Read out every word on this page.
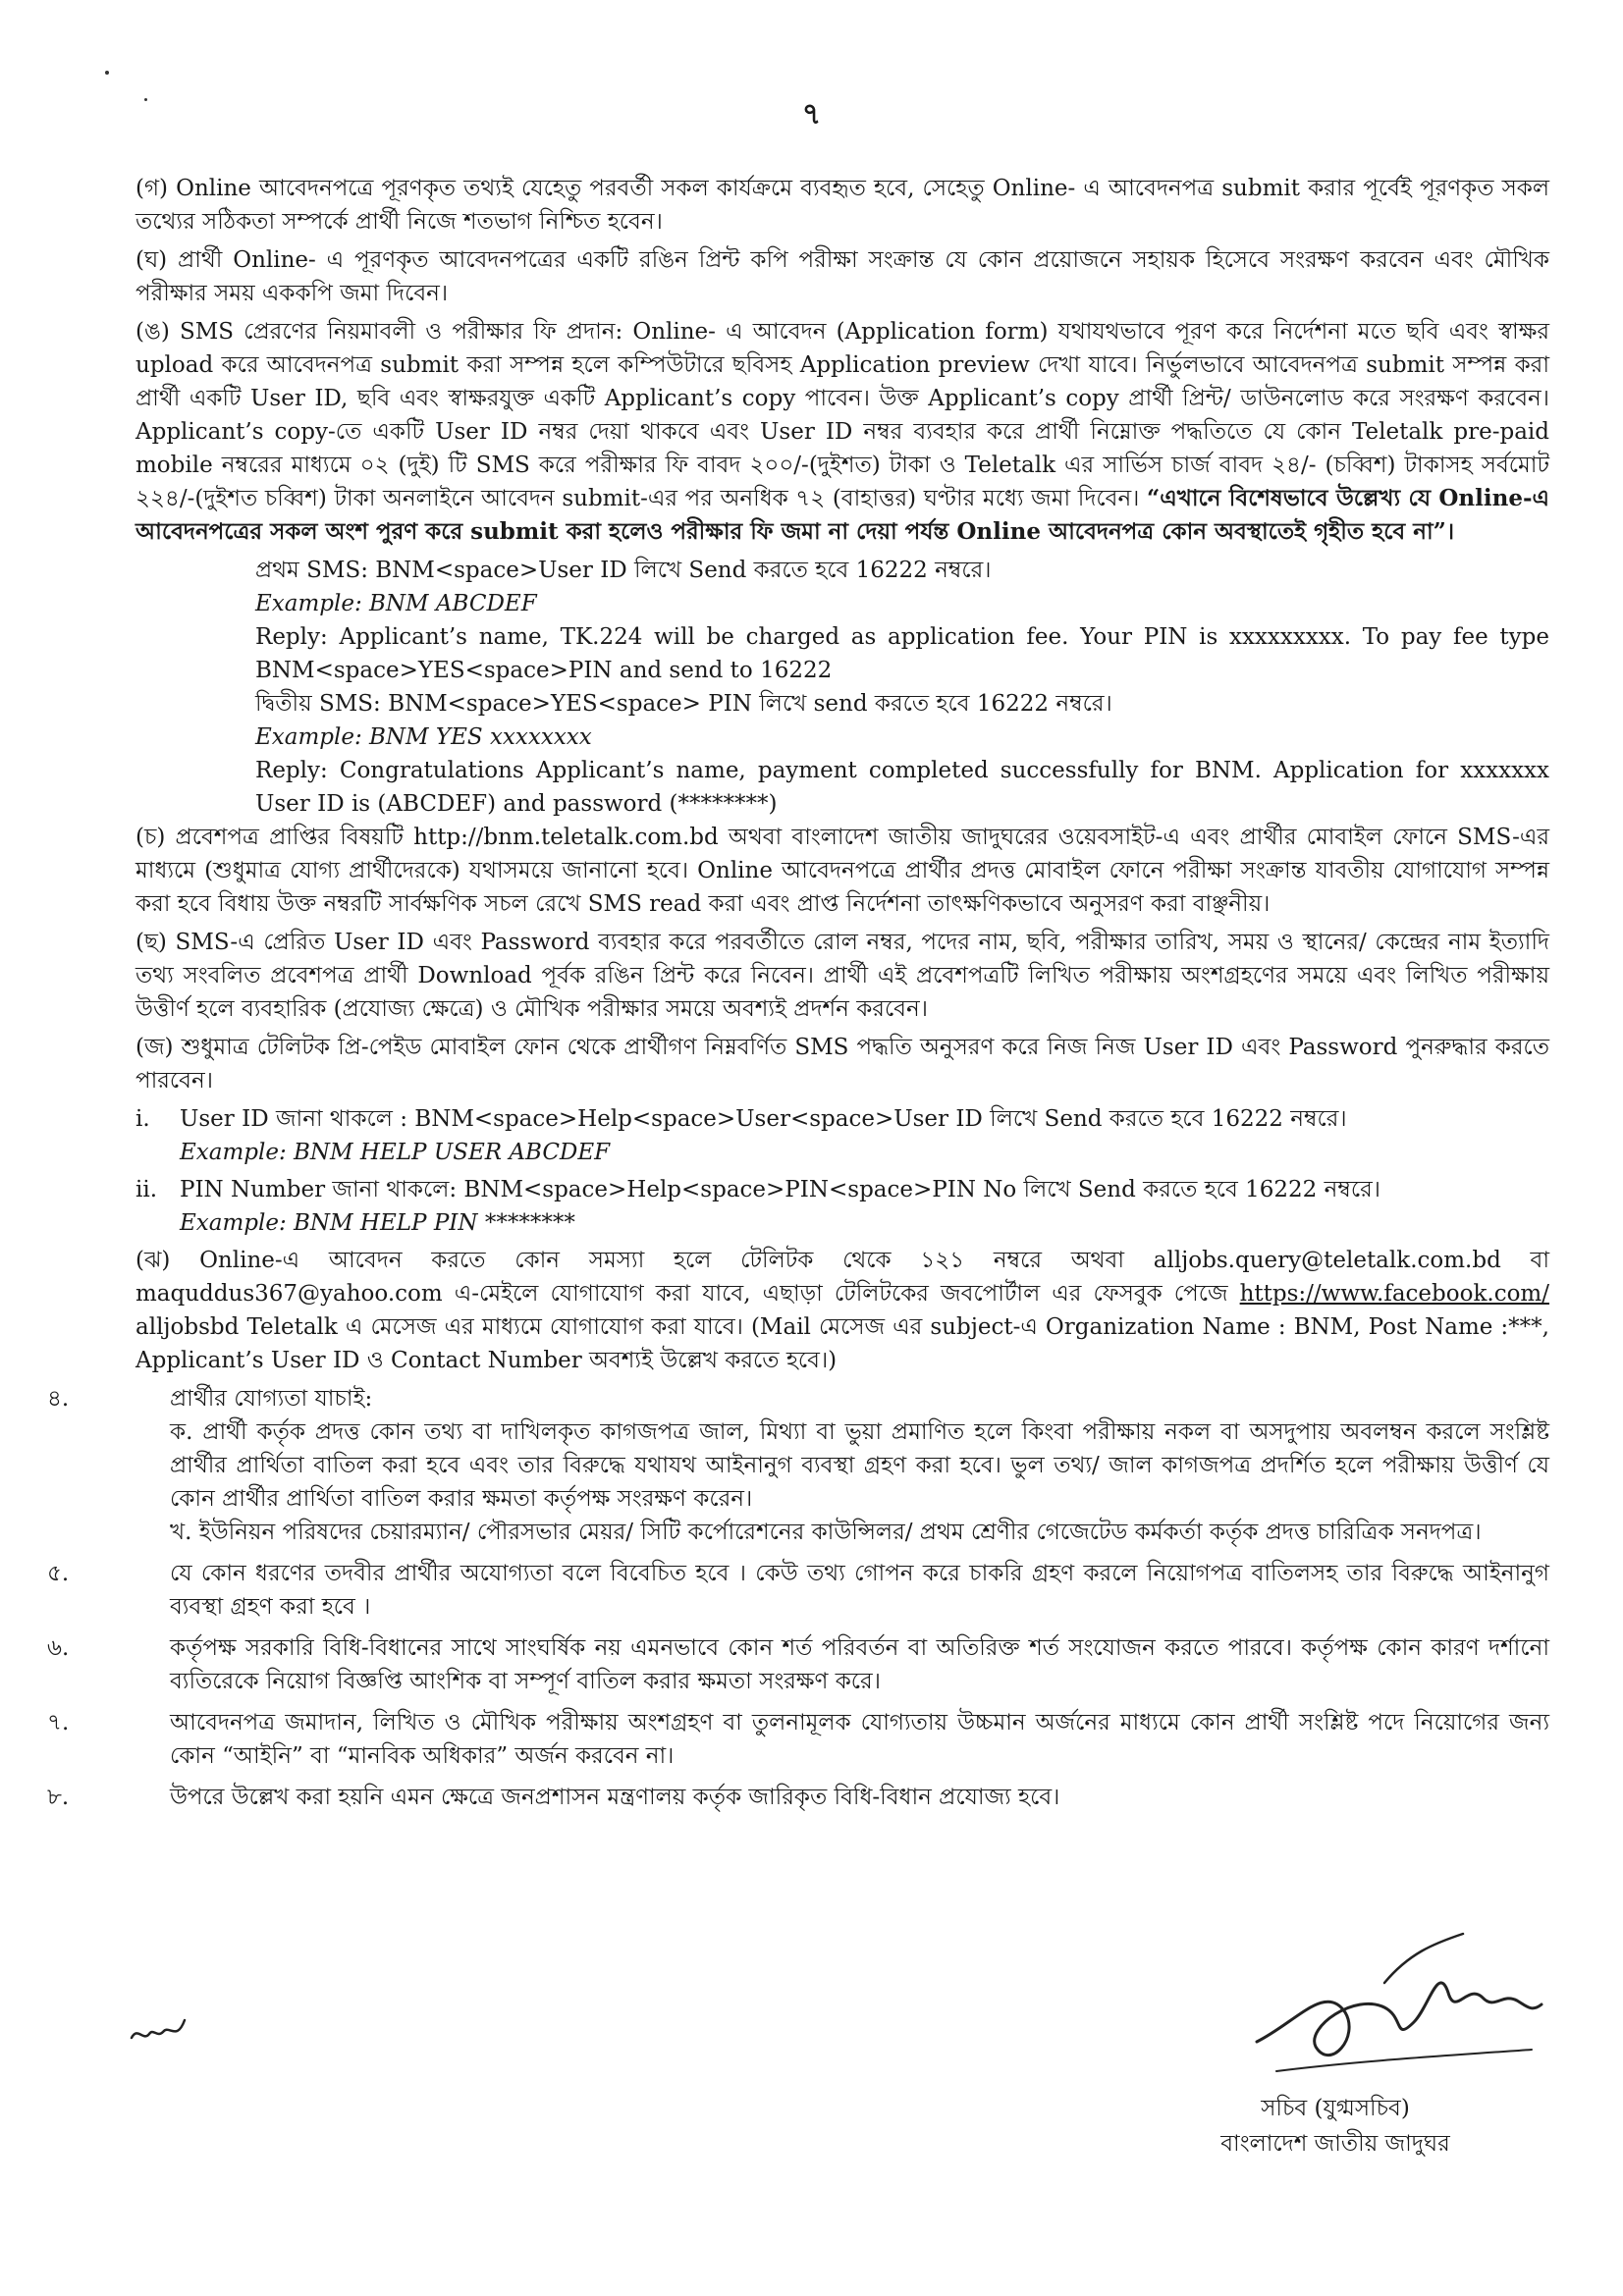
৭

(গ) Online আবেদনপত্রে পূরণকৃত তথ্যই যেহেতু পরবর্তী সকল কার্যক্রমে ব্যবহৃত হবে, সেহেতু Online- এ আবেদনপত্র submit করার পূর্বেই পূরণকৃত সকল তথ্যের সঠিকতা সম্পর্কে প্রার্থী নিজে শতভাগ নিশ্চিত হবেন।

(ঘ) প্রার্থী Online- এ পূরণকৃত আবেদনপত্রের একটি রঙিন প্রিন্ট কপি পরীক্ষা সংক্রান্ত যে কোন প্রয়োজনে সহায়ক হিসেবে সংরক্ষণ করবেন এবং মৌখিক পরীক্ষার সময় এককপি জমা দিবেন।

(ঙ) SMS প্রেরণের নিয়মাবলী ও পরীক্ষার ফি প্রদান: Online- এ আবেদন (Application form) যথাযথভাবে পূরণ করে নির্দেশনা মতে ছবি এবং স্বাক্ষর upload করে আবেদনপত্র submit করা সম্পন্ন হলে কম্পিউটারে ছবিসহ Application preview দেখা যাবে। নির্ভুলভাবে আবেদনপত্র submit সম্পন্ন করা প্রার্থী একটি User ID, ছবি এবং স্বাক্ষরযুক্ত একটি Applicant’s copy পাবেন। উক্ত Applicant’s copy প্রার্থী প্রিন্ট/ ডাউনলোড করে সংরক্ষণ করবেন। Applicant’s copy-তে একটি User ID নম্বর দেয়া থাকবে এবং User ID নম্বর ব্যবহার করে প্রার্থী নিম্নোক্ত পদ্ধতিতে যে কোন Teletalk pre-paid mobile নম্বরের মাধ্যমে ০২ (দুই) টি SMS করে পরীক্ষার ফি বাবদ ২০০/-(দুইশত) টাকা ও Teletalk এর সার্ভিস চার্জ বাবদ ২৪/- (চব্বিশ) টাকাসহ সর্বমোট ২২৪/-(দুইশত চব্বিশ) টাকা অনলাইনে আবেদন submit-এর পর অনধিক ৭২ (বাহাত্তর) ঘণ্টার মধ্যে জমা দিবেন। “এখানে বিশেষভাবে উল্লেখ্য যে Online-এ আবেদনপত্রের সকল অংশ পুরণ করে submit করা হলেও পরীক্ষার ফি জমা না দেয়া পর্যন্ত Online আবেদনপত্র কোন অবস্থাতেই গৃহীত হবে না”।

প্রথম SMS: BNM<space>User ID লিখে Send করতে হবে 16222 নম্বরে।

Example: BNM ABCDEF

Reply: Applicant’s name, TK.224 will be charged as application fee. Your PIN is xxxxxxxxx. To pay fee type BNM<space>YES<space>PIN and send to 16222

দ্বিতীয় SMS: BNM<space>YES<space> PIN লিখে send করতে হবে 16222 নম্বরে।

Example: BNM YES xxxxxxxx

Reply: Congratulations Applicant’s name, payment completed successfully for BNM. Application for xxxxxxx User ID is (ABCDEF) and password (********)

(চ) প্রবেশপত্র প্রাপ্তির বিষয়টি http://bnm.teletalk.com.bd অথবা বাংলাদেশ জাতীয় জাদুঘরের ওয়েবসাইট-এ এবং প্রার্থীর মোবাইল ফোনে SMS-এর মাধ্যমে (শুধুমাত্র যোগ্য প্রার্থীদেরকে) যথাসময়ে জানানো হবে। Online আবেদনপত্রে প্রার্থীর প্রদত্ত মোবাইল ফোনে পরীক্ষা সংক্রান্ত যাবতীয় যোগাযোগ সম্পন্ন করা হবে বিধায় উক্ত নম্বরটি সার্বক্ষণিক সচল রেখে SMS read করা এবং প্রাপ্ত নির্দেশনা তাৎক্ষণিকভাবে অনুসরণ করা বাঞ্ছনীয়।

(ছ) SMS-এ প্রেরিত User ID এবং Password ব্যবহার করে পরবর্তীতে রোল নম্বর, পদের নাম, ছবি, পরীক্ষার তারিখ, সময় ও স্থানের/ কেন্দ্রের নাম ইত্যাদি তথ্য সংবলিত প্রবেশপত্র প্রার্থী Download পূর্বক রঙিন প্রিন্ট করে নিবেন। প্রার্থী এই প্রবেশপত্রটি লিখিত পরীক্ষায় অংশগ্রহণের সময়ে এবং লিখিত পরীক্ষায় উত্তীর্ণ হলে ব্যবহারিক (প্রযোজ্য ক্ষেত্রে) ও মৌখিক পরীক্ষার সময়ে অবশ্যই প্রদর্শন করবেন।

(জ) শুধুমাত্র টেলিটক প্রি-পেইড মোবাইল ফোন থেকে প্রার্থীগণ নিম্নবর্ণিত SMS পদ্ধতি অনুসরণ করে নিজ নিজ User ID এবং Password পুনরুদ্ধার করতে পারবেন।

i.	User ID জানা থাকলে : BNM<space>Help<space>User<space>User ID লিখে Send করতে হবে 16222 নম্বরে।

Example: BNM HELP USER ABCDEF

ii. PIN Number জানা থাকলে: BNM<space>Help<space>PIN<space>PIN No লিখে Send করতে হবে 16222 নম্বরে।

Example: BNM HELP PIN ********

(ঝ) Online-এ আবেদন করতে কোন সমস্যা হলে টেলিটক থেকে ১২১ নম্বরে অথবা alljobs.query@teletalk.com.bd বা maquddus367@yahoo.com এ-মেইলে যোগাযোগ করা যাবে, এছাড়া টেলিটকের জবপোর্টাল এর ফেসবুক পেজে https://www.facebook.com/ alljobsbd Teletalk এ মেসেজ এর মাধ্যমে যোগাযোগ করা যাবে। (Mail মেসেজ এর subject-এ Organization Name : BNM, Post Name :***, Applicant’s User ID ও Contact Number অবশ্যই উল্লেখ করতে হবে।)

৪.	প্রার্থীর যোগ্যতা যাচাই:

ক. প্রার্থী কর্তৃক প্রদত্ত কোন তথ্য বা দাখিলকৃত কাগজপত্র জাল, মিথ্যা বা ভুয়া প্রমাণিত হলে কিংবা পরীক্ষায় নকল বা অসদুপায় অবলম্বন করলে সংশ্লিষ্ট প্রার্থীর প্রার্থিতা বাতিল করা হবে এবং তার বিরুদ্ধে যথাযথ আইনানুগ ব্যবস্থা গ্রহণ করা হবে। ভুল তথ্য/ জাল কাগজপত্র প্রদর্শিত হলে পরীক্ষায় উত্তীর্ণ যে কোন প্রার্থীর প্রার্থিতা বাতিল করার ক্ষমতা কর্তৃপক্ষ সংরক্ষণ করেন।

খ. ইউনিয়ন পরিষদের চেয়ারম্যান/ পৌরসভার মেয়র/ সিটি কর্পোরেশনের কাউন্সিলর/ প্রথম শ্রেণীর গেজেটেড কর্মকর্তা কর্তৃক প্রদত্ত চারিত্রিক সনদপত্র।

৫.	যে কোন ধরণের তদবীর প্রার্থীর অযোগ্যতা বলে বিবেচিত হবে । কেউ তথ্য গোপন করে চাকরি গ্রহণ করলে নিয়োগপত্র বাতিলসহ তার বিরুদ্ধে আইনানুগ ব্যবস্থা গ্রহণ করা হবে ।

৬.	কর্তৃপক্ষ সরকারি বিধি-বিধানের সাথে সাংঘর্ষিক নয় এমনভাবে কোন শর্ত পরিবর্তন বা অতিরিক্ত শর্ত সংযোজন করতে পারবে। কর্তৃপক্ষ কোন কারণ দর্শানো ব্যতিরেকে নিয়োগ বিজ্ঞপ্তি আংশিক বা সম্পূর্ণ বাতিল করার ক্ষমতা সংরক্ষণ করে।

৭.	আবেদনপত্র জমাদান, লিখিত ও মৌখিক পরীক্ষায় অংশগ্রহণ বা তুলনামূলক যোগ্যতায় উচ্চমান অর্জনের মাধ্যমে কোন প্রার্থী সংশ্লিষ্ট পদে নিয়োগের জন্য কোন “আইনি” বা “মানবিক অধিকার” অর্জন করবেন না।

৮.	উপরে উল্লেখ করা হয়নি এমন ক্ষেত্রে জনপ্রশাসন মন্ত্রণালয় কর্তৃক জারিকৃত বিধি-বিধান প্রযোজ্য হবে।

সচিব (যুগ্মসচিব)
বাংলাদেশ জাতীয় জাদুঘর
